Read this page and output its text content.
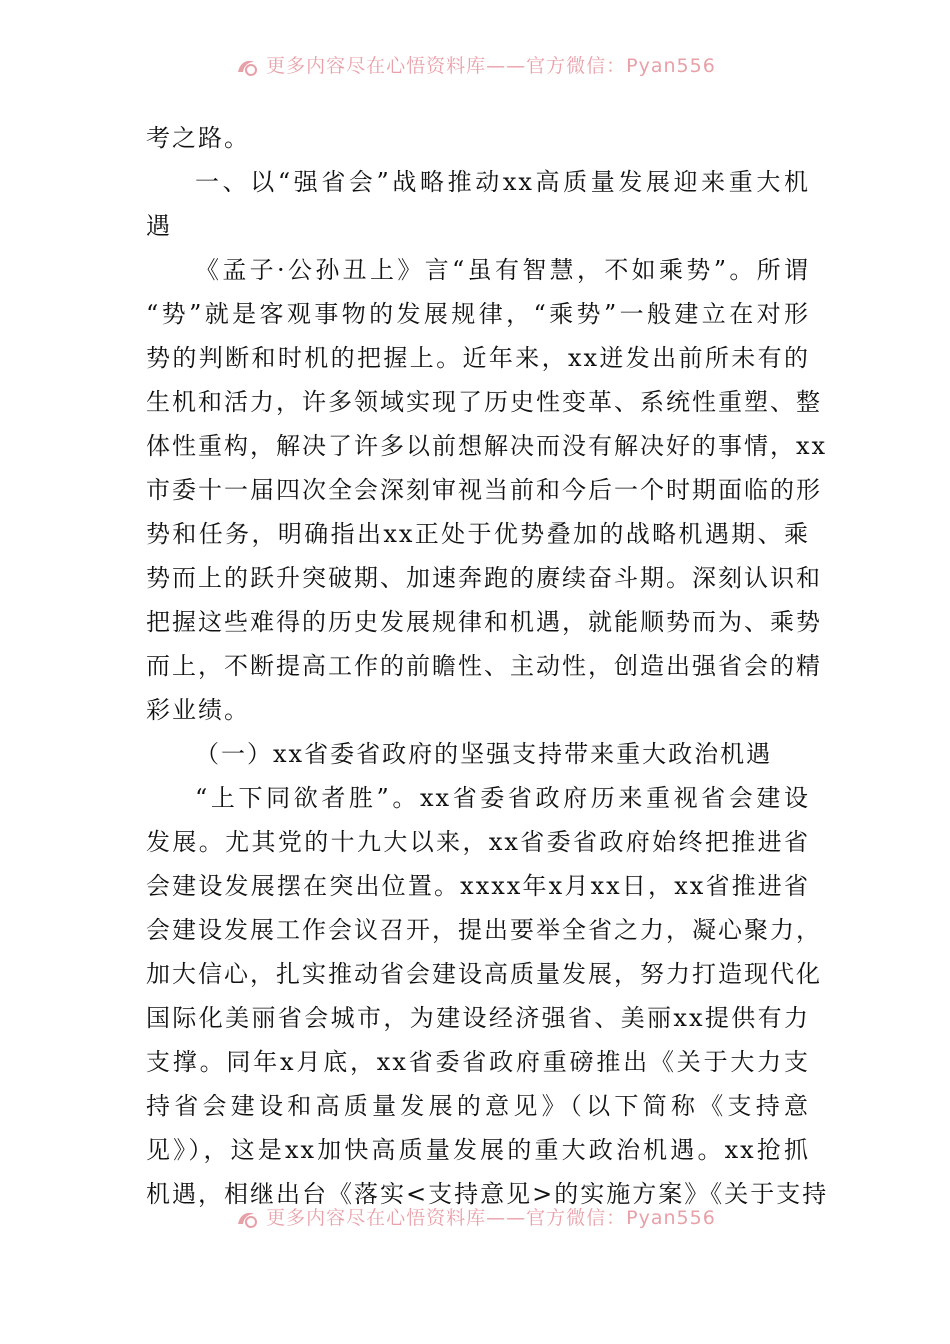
更多内容尽在心悟资料库——官方微信：Pyan556
考之路。
一、以“强省会”战略推动xx高质量发展迎来重大机
遇
《孟子·公孙丑上》言“虽有智慧，不如乘势”。所谓
“势”就是客观事物的发展规律，“乘势”一般建立在对形
势的判断和时机的把握上。近年来，xx迸发出前所未有的
生机和活力，许多领域实现了历史性变革、系统性重塑、整
体性重构，解决了许多以前想解决而没有解决好的事情，xx
市委十一届四次全会深刻审视当前和今后一个时期面临的形
势和任务，明确指出xx正处于优势叠加的战略机遇期、乘
势而上的跃升突破期、加速奔跑的赓续奋斗期。深刻认识和
把握这些难得的历史发展规律和机遇，就能顺势而为、乘势
而上，不断提高工作的前瞻性、主动性，创造出强省会的精
彩业绩。
（一）xx省委省政府的坚强支持带来重大政治机遇
“上下同欲者胜”。xx省委省政府历来重视省会建设
发展。尤其党的十九大以来，xx省委省政府始终把推进省
会建设发展摆在突出位置。xxxx年x月xx日，xx省推进省
会建设发展工作会议召开，提出要举全省之力，凝心聚力，
加大信心，扎实推动省会建设高质量发展，努力打造现代化
国际化美丽省会城市，为建设经济强省、美丽xx提供有力
支撑。同年x月底，xx省委省政府重磅推出《关于大力支
持省会建设和高质量发展的意见》（以下简称《支持意
见》），这是xx加快高质量发展的重大政治机遇。xx抢抓
机遇，相继出台《落实<支持意见>的实施方案》《关于支持
更多内容尽在心悟资料库——官方微信：Pyan556
